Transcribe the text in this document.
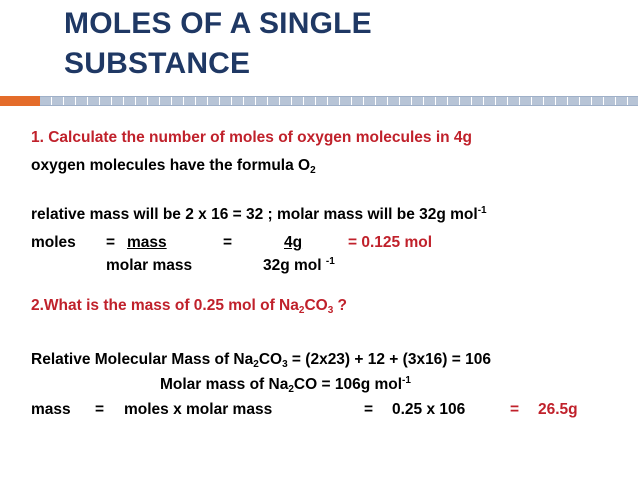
MOLES OF A SINGLE
SUBSTANCE
1. Calculate the number of moles of oxygen molecules in 4g
oxygen molecules have the formula $O_2$
relative mass will be 2 x 16 = 32 ; molar mass will be 32g mol$^{-1}$
moles = mass	=	4g	= 0.125 mol
molar mass	32g mol $^{-1}$
2.What is the mass of 0.25 mol of $Na_2CO_3$ ?
Relative Molecular Mass of $Na_2CO_3 = (2x23) + 12 + (3x16) = 106$
Molar mass of $Na_2CO = 106g$ mol$^{-1}$
mass = moles x molar mass	= 0.25 x 106	= 26.5g
